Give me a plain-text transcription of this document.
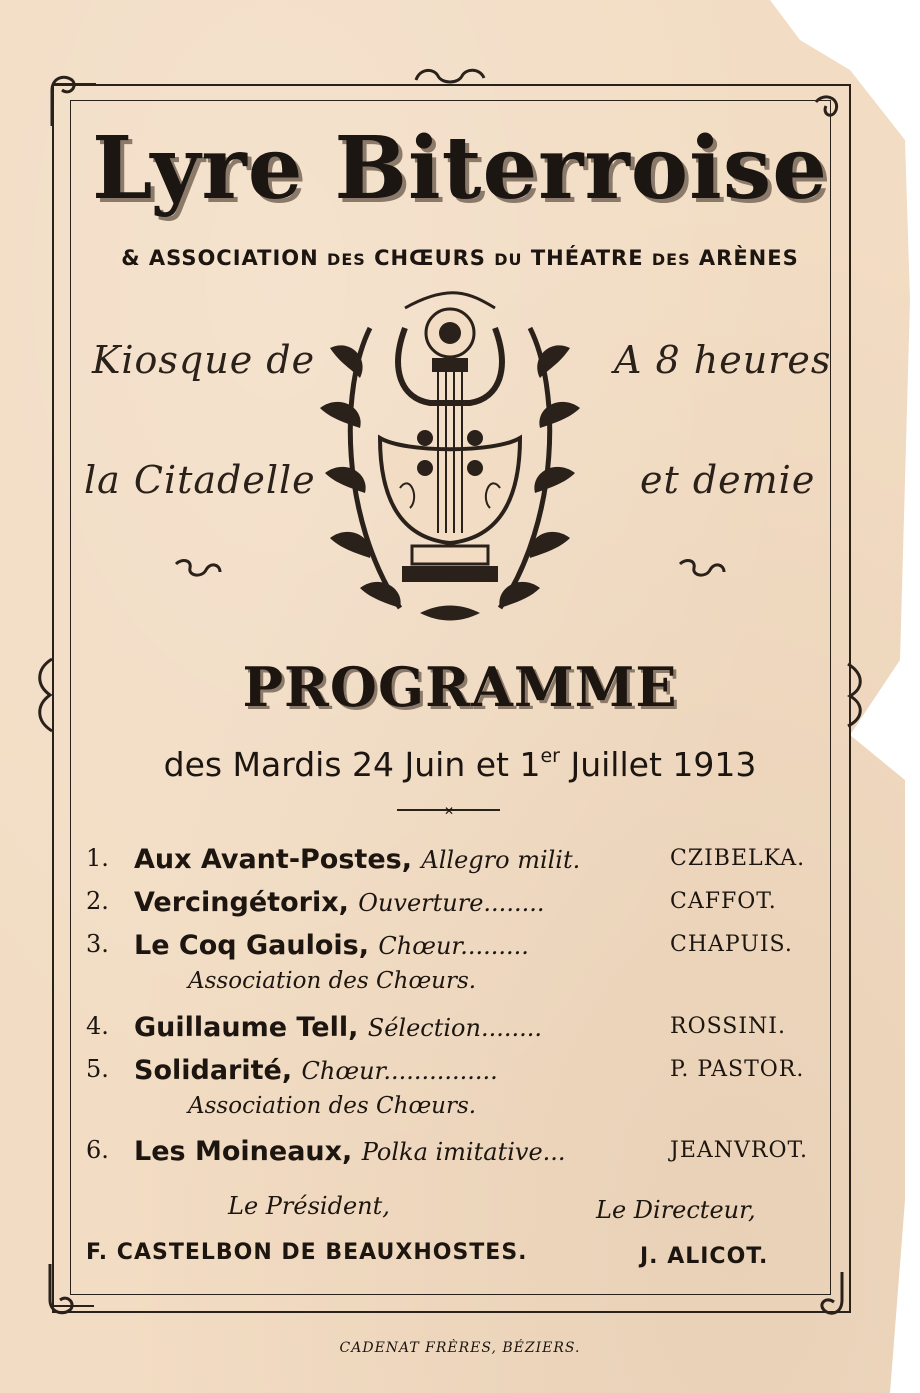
Lyre Biterroise
& ASSOCIATION DES CHŒURS DU THÉATRE DES ARÈNES
Kiosque de
la Citadelle
A 8 heures
et demie
PROGRAMME
des Mardis 24 Juin et 1er Juillet 1913
✕
1. Aux Avant-Postes, Allegro milit.	CZIBELKA.
2. Vercingétorix, Ouverture........	CAFFOT.
3. Le Coq Gaulois, Chœur.........	CHAPUIS.
Association des Chœurs.
4. Guillaume Tell, Sélection........	ROSSINI.
5. Solidarité, Chœur...............	P. PASTOR.
Association des Chœurs.
6. Les Moineaux, Polka imitative...	JEANVROT.
Le Président,	Le Directeur,
F. CASTELBON DE BEAUXHOSTES.	J. ALICOT.
CADENAT FRÈRES, BÉZIERS.
